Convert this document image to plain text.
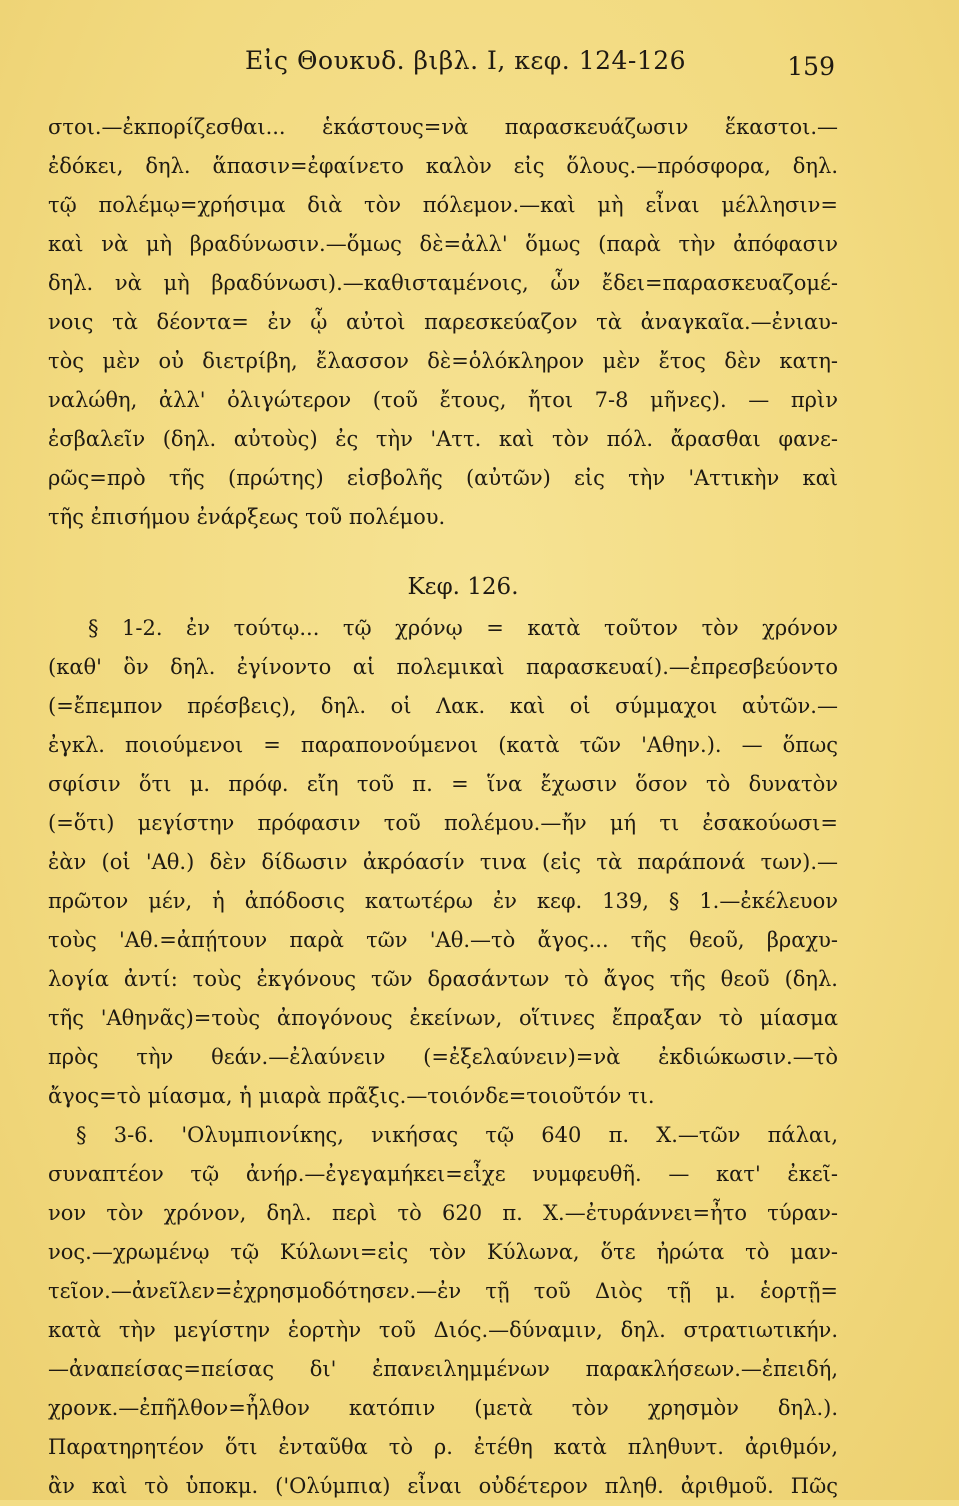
Εἰς Θουκυδ. βιβλ. Ι, κεφ. 124-126	159
στοι.—ἐκπορίζεσθαι... ἑκάστους=νὰ παρασκευάζωσιν ἕκαστοι.—
ἐδόκει, δηλ. ἅπασιν=ἐφαίνετο καλὸν εἰς ὅλους.—πρόσφορα, δηλ.
τῷ πολέμῳ=χρήσιμα διὰ τὸν πόλεμον.—καὶ μὴ εἶναι μέλλησιν=
καὶ νὰ μὴ βραδύνωσιν.—ὅμως δὲ=ἀλλ' ὅμως (παρὰ τὴν ἀπόφασιν
δηλ. νὰ μὴ βραδύνωσι).—καθισταμένοις, ὧν ἔδει=παρασκευαζομέ-
νοις τὰ δέοντα= ἐν ᾧ αὐτοὶ παρεσκεύαζον τὰ ἀναγκαῖα.—ἐνιαυ-
τὸς μὲν οὐ διετρίβη, ἔλασσον δὲ=ὁλόκληρον μὲν ἔτος δὲν κατη-
ναλώθη, ἀλλ' ὀλιγώτερον (τοῦ ἔτους, ἤτοι 7-8 μῆνες). — πρὶν
ἐσβαλεῖν (δηλ. αὐτοὺς) ἐς τὴν 'Αττ. καὶ τὸν πόλ. ἄρασθαι φανε-
ρῶς=πρὸ τῆς (πρώτης) εἰσβολῆς (αὐτῶν) εἰς τὴν 'Αττικὴν καὶ
τῆς ἐπισήμου ἐνάρξεως τοῦ πολέμου.
Κεφ. 126.
§ 1-2. ἐν τούτῳ... τῷ χρόνῳ = κατὰ τοῦτον τὸν χρόνον
(καθ' ὃν δηλ. ἐγίνοντο αἱ πολεμικαὶ παρασκευαί).—ἐπρεσβεύοντο
(=ἔπεμπον πρέσβεις), δηλ. οἱ Λακ. καὶ οἱ σύμμαχοι αὐτῶν.—
ἐγκλ. ποιούμενοι = παραπονούμενοι (κατὰ τῶν 'Αθην.). — ὅπως
σφίσιν ὅτι μ. πρόφ. εἴη τοῦ π. = ἵνα ἔχωσιν ὅσον τὸ δυνατὸν
(=ὅτι) μεγίστην πρόφασιν τοῦ πολέμου.—ἤν μή τι ἐσακούωσι=
ἐὰν (οἱ 'Αθ.) δὲν δίδωσιν ἀκρόασίν τινα (εἰς τὰ παράπονά των).—
πρῶτον μέν, ἡ ἀπόδοσις κατωτέρω ἐν κεφ. 139, § 1.—ἐκέλευον
τοὺς 'Αθ.=ἀπῄτουν παρὰ τῶν 'Αθ.—τὸ ἄγος... τῆς θεοῦ, βραχυ-
λογία ἀντί: τοὺς ἐκγόνους τῶν δρασάντων τὸ ἄγος τῆς θεοῦ (δηλ.
τῆς 'Αθηνᾶς)=τοὺς ἀπογόνους ἐκείνων, οἵτινες ἔπραξαν τὸ μίασμα
πρὸς τὴν θεάν.—ἐλαύνειν (=ἐξελαύνειν)=νὰ ἐκδιώκωσιν.—τὸ
ἄγος=τὸ μίασμα, ἡ μιαρὰ πρᾶξις.—τοιόνδε=τοιοῦτόν τι.
§ 3-6. 'Ολυμπιονίκης, νικήσας τῷ 640 π. Χ.—τῶν πάλαι,
συναπτέον τῷ ἀνήρ.—ἐγεγαμήκει=εἶχε νυμφευθῆ. — κατ' ἐκεῖ-
νον τὸν χρόνον, δηλ. περὶ τὸ 620 π. Χ.—ἐτυράννει=ἦτο τύραν-
νος.—χρωμένῳ τῷ Κύλωνι=εἰς τὸν Κύλωνα, ὅτε ἠρώτα τὸ μαν-
τεῖον.—ἀνεῖλεν=ἐχρησμοδότησεν.—ἐν τῇ τοῦ Διὸς τῇ μ. ἑορτῇ=
κατὰ τὴν μεγίστην ἑορτὴν τοῦ Διός.—δύναμιν, δηλ. στρατιωτικήν.
—ἀναπείσας=πείσας δι' ἐπανειλημμένων παρακλήσεων.—ἐπειδή,
χρονκ.—ἐπῆλθον=ἦλθον κατόπιν (μετὰ τὸν χρησμὸν δηλ.).
Παρατηρητέον ὅτι ἐνταῦθα τὸ ρ. ἐτέθη κατὰ πληθυντ. ἀριθμόν,
ἂν καὶ τὸ ὑποκμ. ('Ολύμπια) εἶναι οὐδέτερον πληθ. ἀριθμοῦ. Πῶς
